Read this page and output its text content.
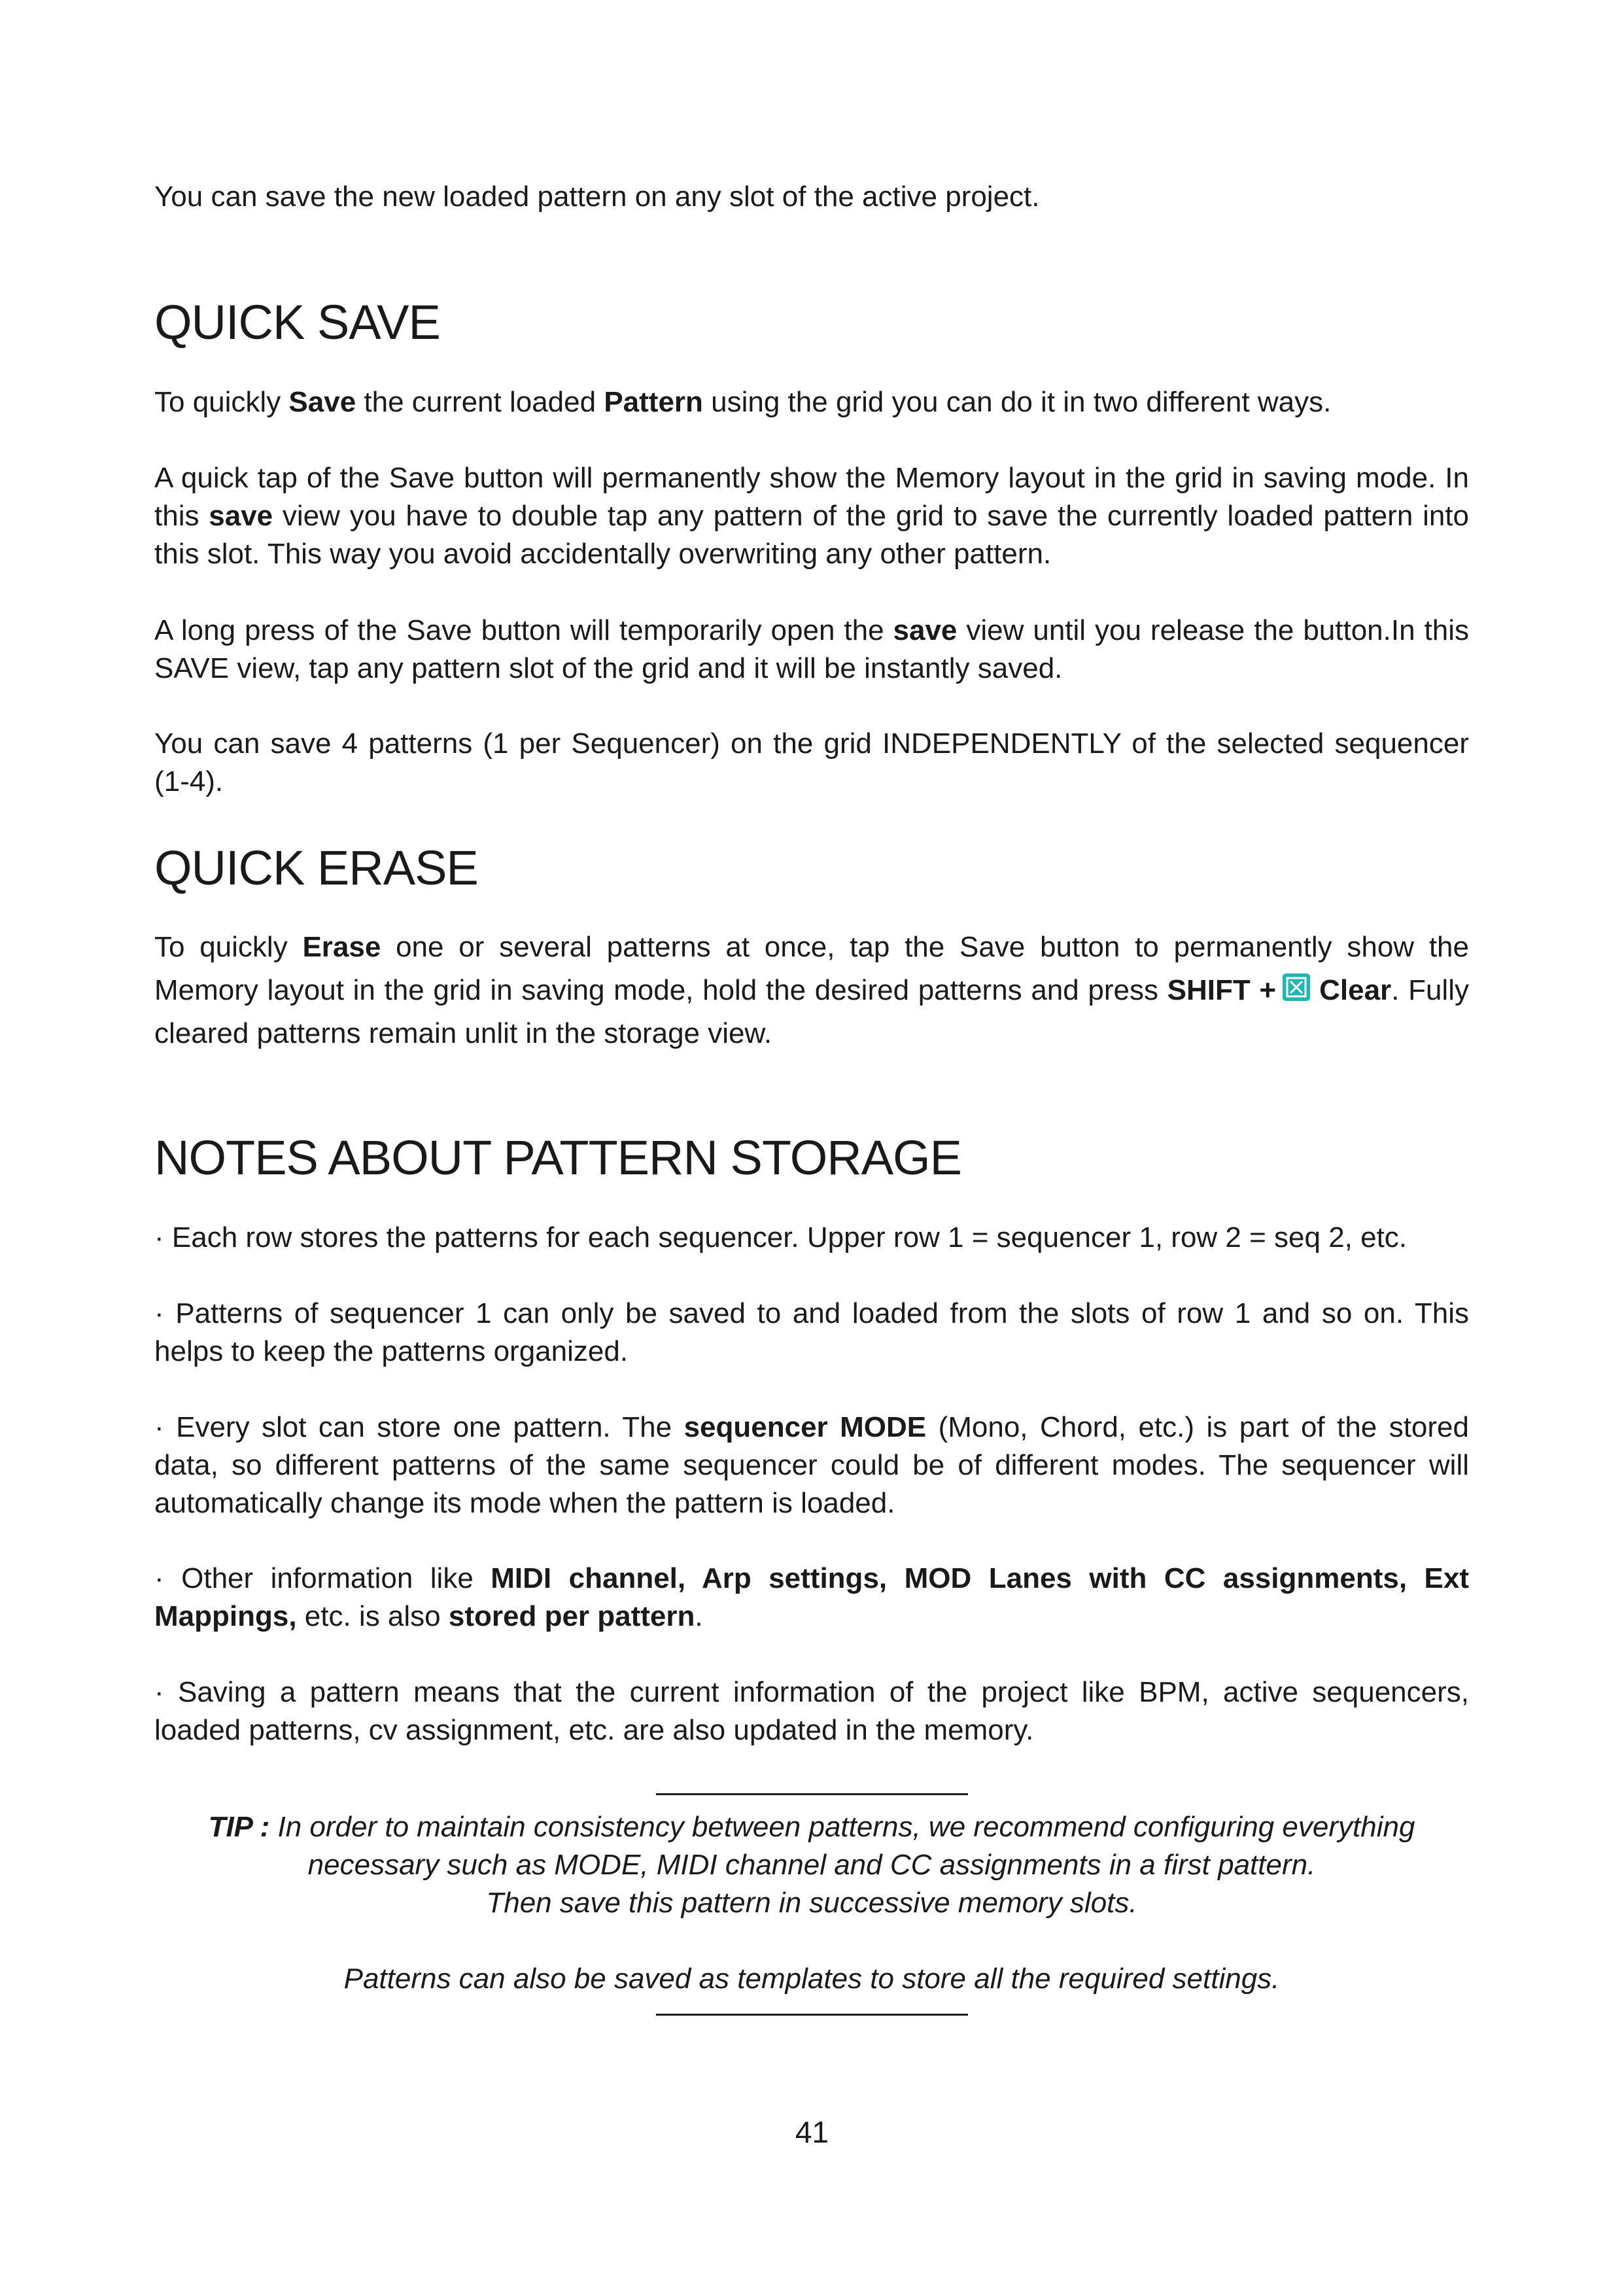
You can save the new loaded pattern on any slot of the active project.

QUICK SAVE

To quickly Save the current loaded Pattern using the grid you can do it in two different ways.

A quick tap of the Save button will permanently show the Memory layout in the grid in saving mode. In this save view you have to double tap any pattern of the grid to save the currently loaded pattern into this slot. This way you avoid accidentally overwriting any other pattern.

A long press of the Save button will temporarily open the save view until you release the button.In this SAVE view, tap any pattern slot of the grid and it will be instantly saved.

You can save 4 patterns (1 per Sequencer) on the grid INDEPENDENTLY of the selected sequencer (1-4).

QUICK ERASE

To quickly Erase one or several patterns at once, tap the Save button to permanently show the Memory layout in the grid in saving mode, hold the desired patterns and press SHIFT + Clear. Fully cleared patterns remain unlit in the storage view.

NOTES ABOUT PATTERN STORAGE

· Each row stores the patterns for each sequencer. Upper row 1 = sequencer 1, row 2 = seq 2, etc.

· Patterns of sequencer 1 can only be saved to and loaded from the slots of row 1 and so on. This helps to keep the patterns organized.

· Every slot can store one pattern. The sequencer MODE (Mono, Chord, etc.) is part of the stored data, so different patterns of the same sequencer could be of different modes. The sequencer will automatically change its mode when the pattern is loaded.

· Other information like MIDI channel, Arp settings, MOD Lanes with CC assignments, Ext Mappings, etc. is also stored per pattern.

· Saving a pattern means that the current information of the project like BPM, active sequencers, loaded patterns, cv assignment, etc. are also updated in the memory.

TIP : In order to maintain consistency between patterns, we recommend configuring everything

necessary such as MODE, MIDI channel and CC assignments in a first pattern.

Then save this pattern in successive memory slots.

Patterns can also be saved as templates to store all the required settings.

41
